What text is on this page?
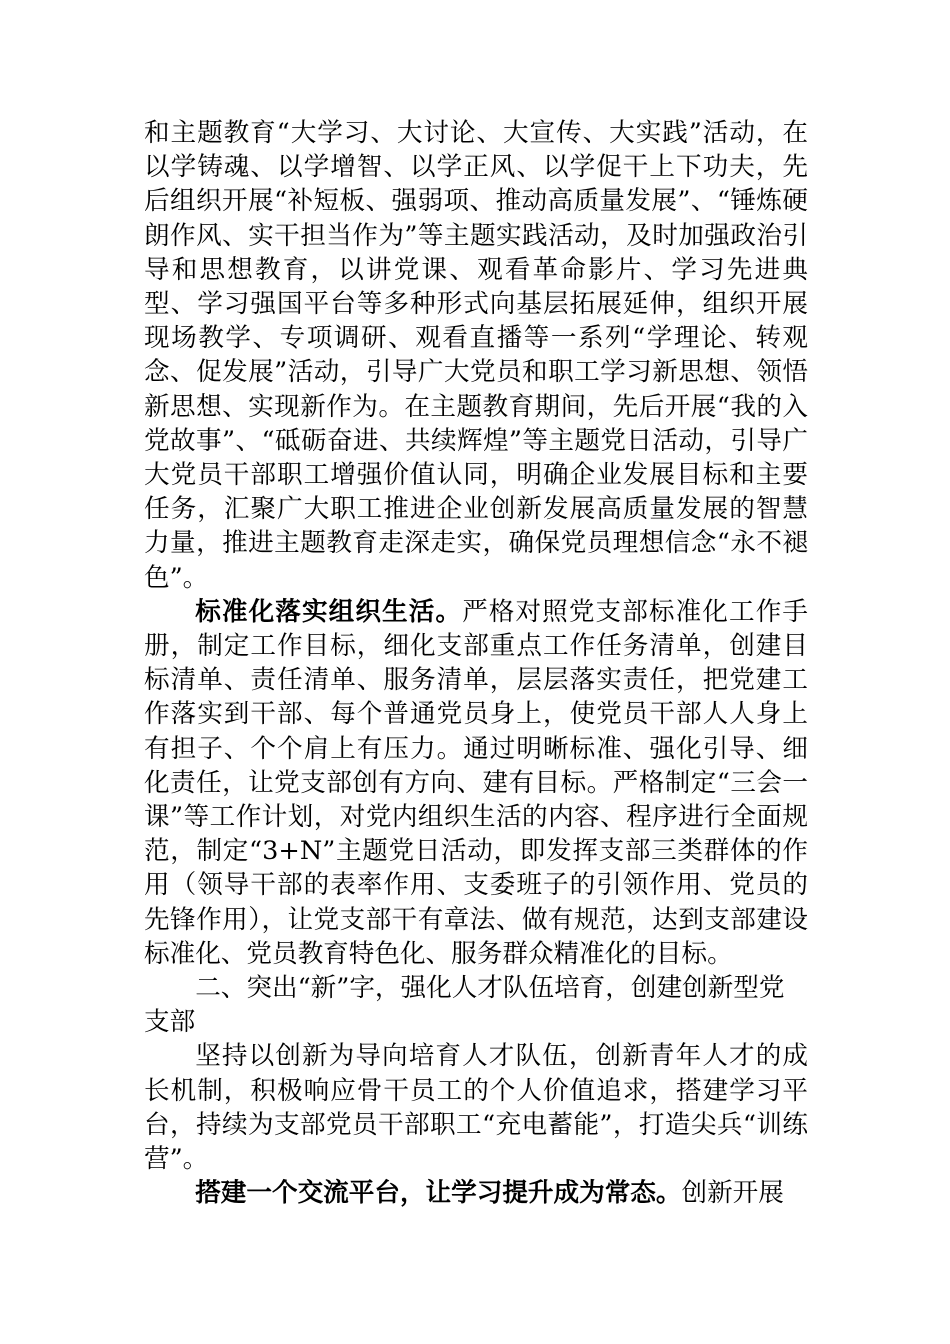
和主题教育“大学习、大讨论、大宣传、大实践”活动，在以学铸魂、以学增智、以学正风、以学促干上下功夫，先后组织开展“补短板、强弱项、推动高质量发展”、“锤炼硬朗作风、实干担当作为”等主题实践活动，及时加强政治引导和思想教育，以讲党课、观看革命影片、学习先进典型、学习强国平台等多种形式向基层拓展延伸，组织开展现场教学、专项调研、观看直播等一系列“学理论、转观念、促发展”活动，引导广大党员和职工学习新思想、领悟新思想、实现新作为。在主题教育期间，先后开展“我的入党故事”、“砥砺奋进、共续辉煌”等主题党日活动，引导广大党员干部职工增强价值认同，明确企业发展目标和主要任务，汇聚广大职工推进企业创新发展高质量发展的智慧力量，推进主题教育走深走实，确保党员理想信念“永不褪色”。

标准化落实组织生活。严格对照党支部标准化工作手册，制定工作目标，细化支部重点工作任务清单，创建目标清单、责任清单、服务清单，层层落实责任，把党建工作落实到干部、每个普通党员身上，使党员干部人人身上有担子、个个肩上有压力。通过明晰标准、强化引导、细化责任，让党支部创有方向、建有目标。严格制定“三会一课”等工作计划，对党内组织生活的内容、程序进行全面规范，制定“3+N”主题党日活动，即发挥支部三类群体的作用（领导干部的表率作用、支委班子的引领作用、党员的先锋作用），让党支部干有章法、做有规范，达到支部建设标准化、党员教育特色化、服务群众精准化的目标。

二、突出“新”字，强化人才队伍培育，创建创新型党支部

坚持以创新为导向培育人才队伍，创新青年人才的成长机制，积极响应骨干员工的个人价值追求，搭建学习平台，持续为支部党员干部职工“充电蓄能”，打造尖兵“训练营”。

搭建一个交流平台，让学习提升成为常态。创新开展
